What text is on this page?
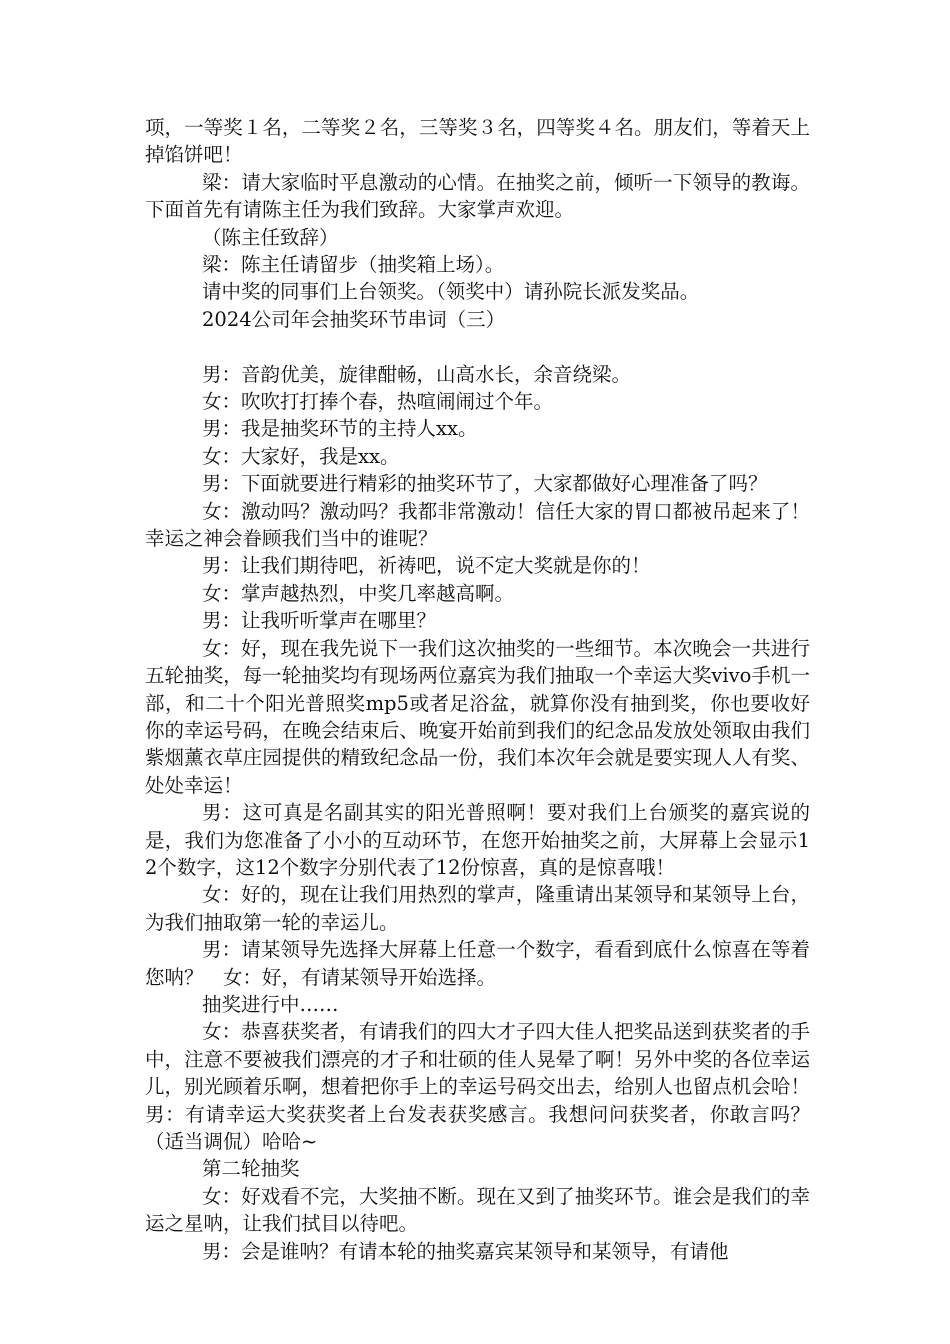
项，一等奖１名，二等奖２名，三等奖３名，四等奖４名。朋友们，等着天上掉馅饼吧！

梁：请大家临时平息激动的心情。在抽奖之前，倾听一下领导的教诲。下面首先有请陈主任为我们致辞。大家掌声欢迎。

（陈主任致辞）

梁：陈主任请留步（抽奖箱上场）。

请中奖的同事们上台领奖。（领奖中）请孙院长派发奖品。

2024公司年会抽奖环节串词（三）

男：音韵优美，旋律酣畅，山高水长，余音绕梁。

女：吹吹打打捧个春，热喧闹闹过个年。

男：我是抽奖环节的主持人xx。

女：大家好，我是xx。

男：下面就要进行精彩的抽奖环节了，大家都做好心理准备了吗？

女：激动吗？激动吗？我都非常激动！信任大家的胃口都被吊起来了！幸运之神会眷顾我们当中的谁呢？

男：让我们期待吧，祈祷吧，说不定大奖就是你的！

女：掌声越热烈，中奖几率越高啊。

男：让我听听掌声在哪里？

女：好，现在我先说下一我们这次抽奖的一些细节。本次晚会一共进行五轮抽奖，每一轮抽奖均有现场两位嘉宾为我们抽取一个幸运大奖vivo手机一部，和二十个阳光普照奖mp5或者足浴盆，就算你没有抽到奖，你也要收好你的幸运号码，在晚会结束后、晚宴开始前到我们的纪念品发放处领取由我们紫烟薰衣草庄园提供的精致纪念品一份，我们本次年会就是要实现人人有奖、处处幸运！

男：这可真是名副其实的阳光普照啊！要对我们上台颁奖的嘉宾说的是，我们为您准备了小小的互动环节，在您开始抽奖之前，大屏幕上会显示12个数字，这12个数字分别代表了12份惊喜，真的是惊喜哦！

女：好的，现在让我们用热烈的掌声，隆重请出某领导和某领导上台，为我们抽取第一轮的幸运儿。

男：请某领导先选择大屏幕上任意一个数字，看看到底什么惊喜在等着您呐？　女：好，有请某领导开始选择。

抽奖进行中……

女：恭喜获奖者，有请我们的四大才子四大佳人把奖品送到获奖者的手中，注意不要被我们漂亮的才子和壮硕的佳人晃晕了啊！另外中奖的各位幸运儿，别光顾着乐啊，想着把你手上的幸运号码交出去，给别人也留点机会哈！　男：有请幸运大奖获奖者上台发表获奖感言。我想问问获奖者，你敢言吗？（适当调侃）哈哈~

第二轮抽奖

女：好戏看不完，大奖抽不断。现在又到了抽奖环节。谁会是我们的幸运之星呐，让我们拭目以待吧。

男：会是谁呐？有请本轮的抽奖嘉宾某领导和某领导，有请他
